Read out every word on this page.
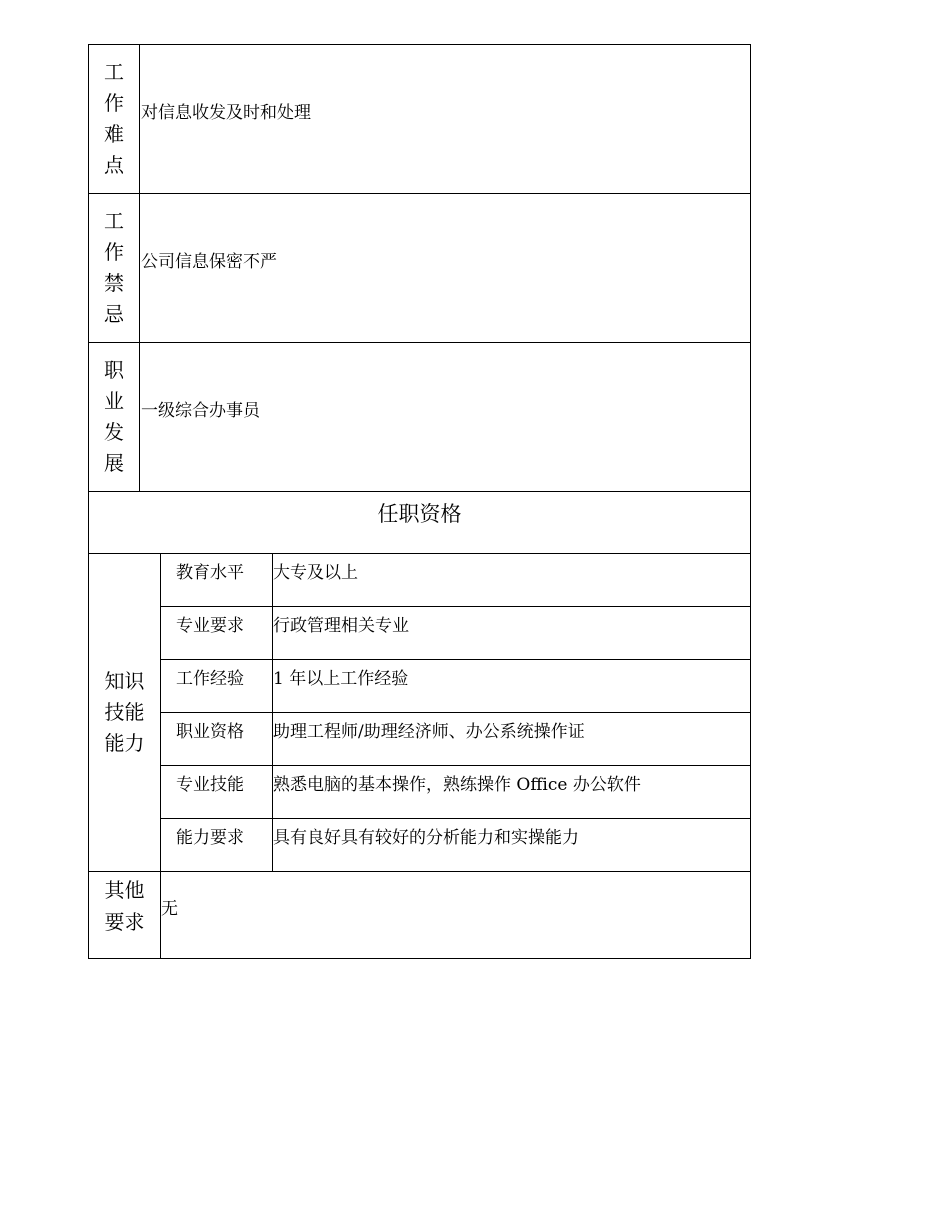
工
作
难
点	对信息收发及时和处理		

工
作
禁
忌	公司信息保密不严		

职
业
发
展	一级综合办事员		
任职资格			

知识
技能
能力		教育水平	大专及以上
		专业要求	行政管理相关专业
		工作经验	1 年以上工作经验
		职业资格	助理工程师/助理经济师、办公系统操作证
		专业技能	熟悉电脑的基本操作，熟练操作 Office 办公软件
		能力要求	具有良好具有较好的分析能力和实操能力

其他
要求		无	
